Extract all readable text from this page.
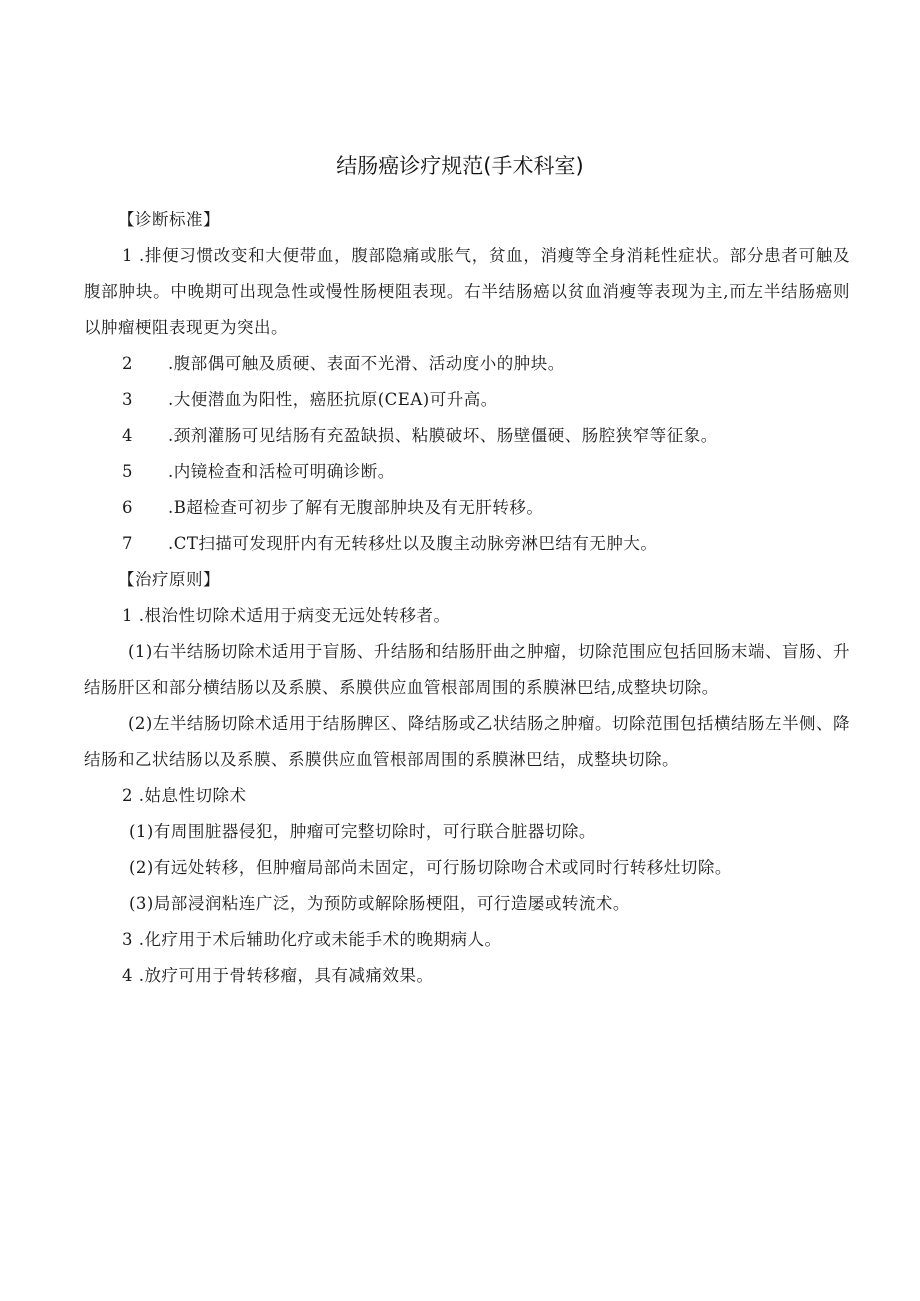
结肠癌诊疗规范(手术科室)

【诊断标准】

1 .排便习惯改变和大便带血，腹部隐痛或胀气，贫血，消瘦等全身消耗性症状。部分患者可触及腹部肿块。中晚期可出现急性或慢性肠梗阻表现。右半结肠癌以贫血消瘦等表现为主,而左半结肠癌则以肿瘤梗阻表现更为突出。

2 .腹部偶可触及质硬、表面不光滑、活动度小的肿块。

3 .大便潜血为阳性，癌胚抗原(CEA)可升高。

4 .颈剂灌肠可见结肠有充盈缺损、粘膜破坏、肠壁僵硬、肠腔狭窄等征象。

5 .内镜检查和活检可明确诊断。

6 .B超检查可初步了解有无腹部肿块及有无肝转移。

7 .CT扫描可发现肝内有无转移灶以及腹主动脉旁淋巴结有无肿大。

【治疗原则】

1 .根治性切除术适用于病变无远处转移者。

(1)右半结肠切除术适用于盲肠、升结肠和结肠肝曲之肿瘤，切除范围应包括回肠末端、盲肠、升结肠肝区和部分横结肠以及系膜、系膜供应血管根部周围的系膜淋巴结,成整块切除。

(2)左半结肠切除术适用于结肠脾区、降结肠或乙状结肠之肿瘤。切除范围包括横结肠左半侧、降结肠和乙状结肠以及系膜、系膜供应血管根部周围的系膜淋巴结，成整块切除。

2 .姑息性切除术

(1)有周围脏器侵犯，肿瘤可完整切除时，可行联合脏器切除。

(2)有远处转移，但肿瘤局部尚未固定，可行肠切除吻合术或同时行转移灶切除。

(3)局部浸润粘连广泛，为预防或解除肠梗阻，可行造屡或转流术。

3 .化疗用于术后辅助化疗或未能手术的晚期病人。

4 .放疗可用于骨转移瘤，具有减痛效果。
